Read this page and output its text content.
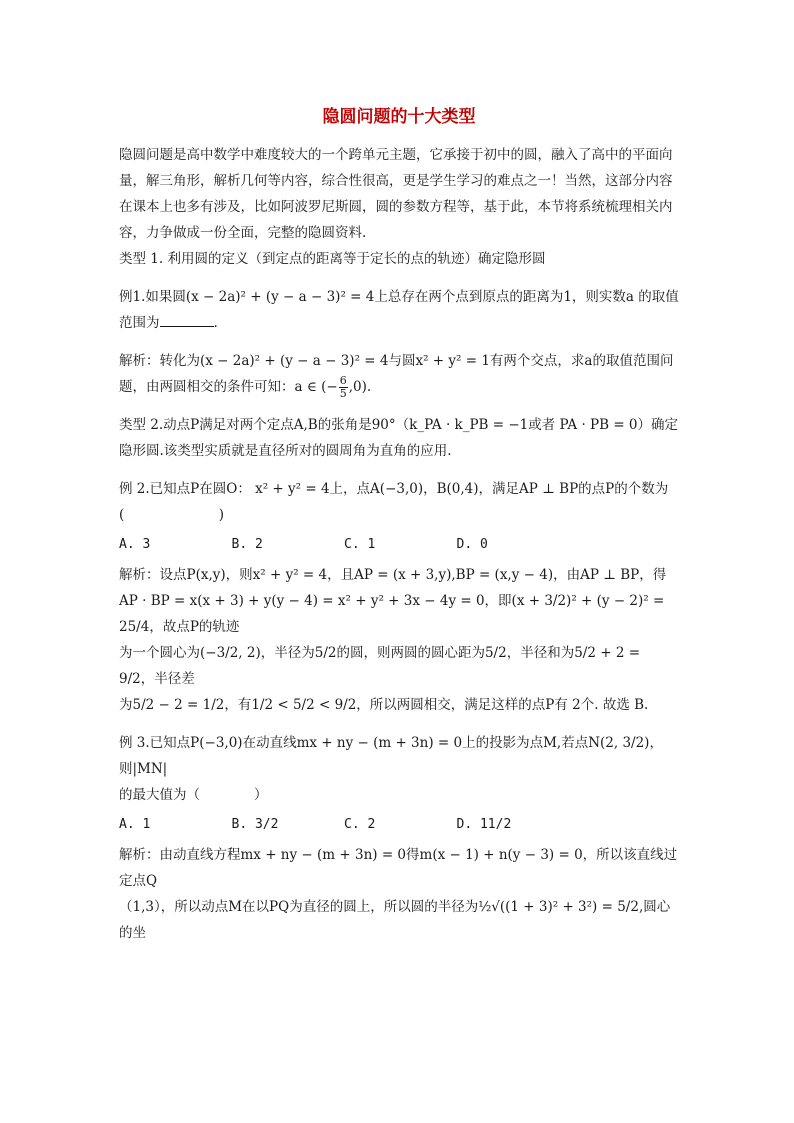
隐圆问题的十大类型

隐圆问题是高中数学中难度较大的一个跨单元主题，它承接于初中的圆，融入了高中的平面向量，解三角形，解析几何等内容，综合性很高，更是学生学习的难点之一！当然，这部分内容在课本上也多有涉及，比如阿波罗尼斯圆，圆的参数方程等，基于此，本节将系统梳理相关内容，力争做成一份全面，完整的隐圆资料.

类型 1. 利用圆的定义（到定点的距离等于定长的点的轨迹）确定隐形圆

例1.如果圆(x − 2a)² + (y − a − 3)² = 4上总存在两个点到原点的距离为1，则实数a 的取值范围为	.

解析：转化为(x − 2a)² + (y − a − 3)² = 4与圆x² + y² = 1有两个交点，求a的取值范围问题，由两圆相交的条件可知：a ∈ (− $\frac{6}{5} ,0$).

类型 2.动点P满足对两个定点A,B的张角是90°（k_PA · k_PB = −1或者 PA · PB = 0）确定隐形圆.该类型实质就是直径所对的圆周角为直角的应用.

例 2.已知点P在圆O： x² + y² = 4上，点A(−3,0)，B(0,4)，满足AP ⊥ BP的点P的个数为

(　　　　　　　)

A. 3	B. 2	C. 1	D. 0

解析：设点P(x,y)，则x² + y² = 4，且AP = (x + 3,y),BP = (x,y − 4)，由AP ⊥ BP，得

AP · BP = x(x + 3) + y(y − 4) = x² + y² + 3x − 4y = 0，即(x + 3/2)² + (y − 2)² = 25/4，故点P的轨迹

为一个圆心为(−3/2, 2)，半径为5/2的圆，则两圆的圆心距为5/2，半径和为5/2 + 2 = 9/2，半径差

为5/2 − 2 = 1/2，有1/2 < 5/2 < 9/2，所以两圆相交，满足这样的点P有 2个. 故选 B.

例 3.已知点P(−3,0)在动直线mx + ny − (m + 3n) = 0上的投影为点M,若点N(2, 3/2)，则|MN|

的最大值为（　　　　）

A. 1	B. 3/2	C. 2	D. 11/2

解析：由动直线方程mx + ny − (m + 3n) = 0得m(x − 1) + n(y − 3) = 0，所以该直线过定点Q

（1,3），所以动点M在以PQ为直径的圆上，所以圆的半径为½√((1 + 3)² + 3²) = 5/2,圆心的坐
